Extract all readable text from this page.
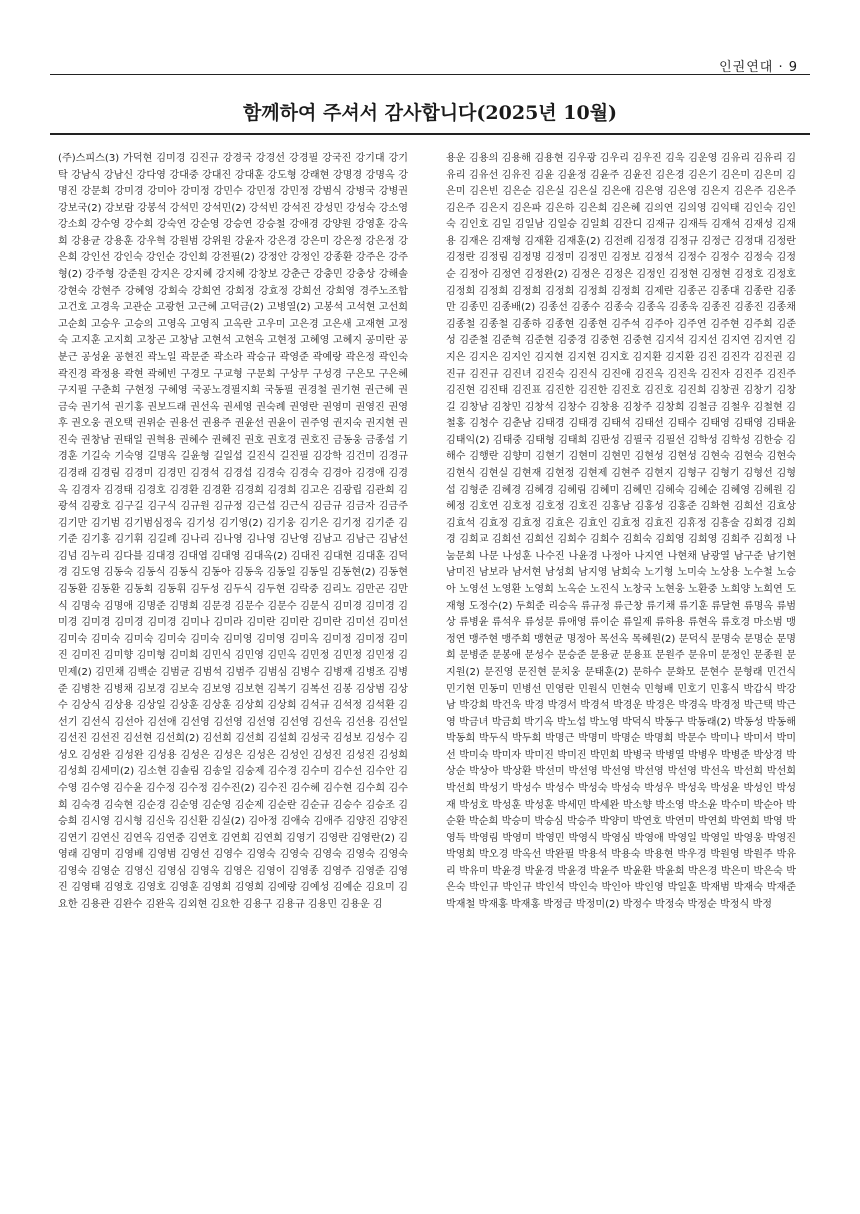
인권연대 · 9
함께하여 주셔서 감사합니다(2025년 10월)
(주)스피스(3) 가덕현 김미경 김진규 강경국 강경선 강경필 강국진 강기대 강기탁 강남식 강남신 강다영 강대중 강대진 강대훈 강도형 강래현 강명경 강명옥 강명진 강문회 강미경 강미아 강미정 강민수 강민정 강민정 강범식 강병국 강병권 강보국(2) 강보람 강봉석 강석민 강석민(2) 강석빈 강석진 강성민 강성숙 강소영 강소희 강수영 강수희 강숙연 강순영 강승연 강승철 강애경 강양원 강영훈 강옥희 강용균 강용훈 강우혁 강원범 강위원 강윤자 강은경 강은미 강은정 강은정 강은희 강인선 강인숙 강인순 강인회 강전필(2) 강정안 강정인 강종환 강주은 강주형(2) 강주형 강준원 강지은 강지혜 강지혜 강창보 강춘근 강충민 강충상 강해솔 강현숙 강현주 강혜영 강회숙 강희연 강희정 강효정 강희선 강희영 경주노조합 고건호 고경욱 고관순 고광헌 고근혜 고덕금(2) 고병열(2) 고봉석 고석현 고선희 고순희 고승우 고승의 고영옥 고영직 고옥란 고우미 고은경 고은새 고재현 고정숙 고지훈 고지희 고창곤 고창남 고현석 고현옥 고현정 고혜영 고혜지 공미란 공분근 공성윤 공현진 곽노일 곽문준 곽소라 곽승규 곽영준 곽예랑 곽은정 곽인숙 곽진경 곽정용 곽현 곽혜빈 구경모 구교형 구문회 구상무 구성경 구은모 구은혜 구지필 구춘희 구현정 구혜영 국공노경필지회 국동필 권경철 권기현 권근혜 권금숙 권기석 권기홍 권보드래 권선옥 권세영 권숙례 권영란 권영미 권영진 권영후 권오웅 권오택 권위순 권용선 권용주 권윤선 권윤이 권주영 권지숙 권지현 권진숙 권창남 권태일 권혁용 권혜수 권혜진 권호 권호경 권호진 금동웅 금종섭 기경훈 기길숙 기숙영 길명옥 길윤형 길일섭 길진식 길진필 김강학 김건미 김경규 김경래 김경림 김경미 김경민 김경석 김경섭 김경숙 김경숙 김경아 김경애 김경옥 김경자 김경태 김경호 김경환 김경환 김경희 김경희 김고은 김광립 김관희 김광석 김광호 김구길 김구식 김규원 김규정 김근섭 김근식 김금규 김금자 김금주 김기만 김기범 김기범심정옥 김기성 김기영(2) 김기웅 김기은 김기정 김기준 김기준 김기홍 김기휘 김길례 김나리 김나영 김나영 김난영 김남고 김남근 김남선 김넘 김누리 김다블 김대경 김대엽 김대영 김대옥(2) 김대진 김대현 김대훈 김덕경 김도영 김동숙 김동식 김동식 김동아 김동욱 김동일 김동일 김동현(2) 김동현 김동환 김동환 김동회 김동휘 김두성 김두식 김두현 김락중 김리노 김만곤 김만식 김명숙 김명애 김명준 김명희 김문경 김문수 김문수 김문식 김미경 김미경 김미경 김미경 김미경 김미경 김미나 김미라 김미란 김미란 김미란 김미선 김미선 김미숙 김미숙 김미숙 김미숙 김미숙 김미영 김미영 김미옥 김미정 김미정 김미진 김미진 김미향 김미형 김미희 김민식 김민영 김민옥 김민정 김민정 김민정 김민제(2) 김민채 김백순 김범균 김범석 김범주 김범심 김병수 김병재 김병조 김병준 김병찬 김병채 김보경 김보숙 김보영 김보현 김복기 김복선 김봉 김상범 김상수 김상식 김상용 김상일 김상훈 김상훈 김상희 김상희 김석규 김석정 김석환 김선기 김선식 김선아 김선애 김선영 김선영 김선영 김선영 김선옥 김선용 김선일 김선진 김선진 김선현 김선희(2) 김선희 김선희 김설희 김성국 김성보 김성수 김성오 김성완 김성완 김성용 김성은 김성은 김성은 김성인 김성진 김성진 김성희 김성희 김세미(2) 김소현 김솔림 김송일 김숭제 김수경 김수미 김수선 김수안 김수영 김수영 김수윤 김수정 김수정 김수진(2) 김수진 김수혜 김수현 김수희 김수희 김숙경 김숙현 김순경 김순영 김순영 김순제 김순란 김순규 김승수 김승조 김승희 김시영 김시형 김신욱 김신환 김실(2) 김아정 김애숙 김애주 김양진 김양진 김연기 김연신 김연옥 김연중 김연호 김연희 김연희 김영기 김영란 김영란(2) 김영래 김영미 김영배 김영범 김영선 김영수 김영숙 김영숙 김영숙 김영숙 김영숙 김영숙 김영순 김영신 김영심 김영옥 김영은 김영이 김영종 김영주 김영준 김영진 김영태 김영호 김영호 김영훈 김영희 김영희 김예랑 김예성 김예순 김요미 김요한 김용관 김완수 김완옥 김외현 김요한 김용구 김용규 김용민 김용운 김
용운 김용의 김용해 김용현 김우광 김우리 김우진 김욱 김운영 김유리 김유리 김유리 김유선 김유진 김윤 김윤정 김윤주 김윤진 김은경 김은기 김은미 김은미 김은미 김은빈 김은순 김은실 김은실 김은애 김은영 김은영 김은지 김은주 김은주 김은주 김은지 김은파 김은하 김은희 김은혜 김의연 김의영 김익태 김인숙 김인숙 김인호 김일 김일남 김일승 김일희 김잔디 김재규 김재득 김재석 김재성 김재용 김재은 김재형 김재환 김재훈(2) 김전례 김정경 김정규 김정근 김정대 김정란 김정란 김정림 김정명 김정미 김정민 김정보 김정석 김정수 김정수 김정숙 김정순 김정아 김정연 김정완(2) 김정은 김정은 김정인 김정현 김정현 김정호 김정호 김정희 김정희 김정희 김정희 김정희 김정희 김제란 김종곤 김종대 김종란 김종만 김종민 김종배(2) 김종선 김종수 김종숙 김종옥 김종욱 김종진 김종진 김종채 김종철 김종철 김종하 김종현 김종현 김주석 김주아 김주연 김주현 김주희 김준성 김준철 김준혁 김준현 김중경 김중현 김중현 김지석 김지선 김지연 김지연 김지은 김지은 김지인 김지현 김지현 김지호 김지환 김지환 김진 김진각 김진권 김진규 김진규 김진녀 김진숙 김진식 김진애 김진옥 김진욱 김진자 김진주 김진주 김진현 김진태 김진표 김진한 김진한 김진호 김진호 김진희 김창권 김창기 김창길 김창남 김창민 김창석 김창수 김창용 김창주 김창희 김철금 김철우 김철현 김철홍 김청수 김춘남 김태경 김태경 김태석 김태선 김태수 김태영 김태영 김태윤 김태익(2) 김태중 김태형 김태희 김판성 김필국 김필선 김학성 김학성 김한승 김해수 김행란 김향미 김현기 김현미 김현민 김현성 김현성 김현숙 김현숙 김현숙 김현식 김현실 김현재 김현정 김현제 김현주 김현지 김형구 김형기 김형선 김형섭 김형준 김혜경 김혜경 김혜림 김혜미 김혜민 김혜숙 김혜순 김혜영 김혜원 김혜정 김호연 김호정 김호정 김호진 김홍남 김홍성 김홍준 김화현 김희선 김효상 김효석 김효정 김효정 김효은 김효인 김효정 김효진 김휴정 김흥술 김희경 김희경 김희교 김희선 김희선 김희수 김희수 김희숙 김희영 김희영 김희주 김희정 나눔문희 나문 나성훈 나수진 나윤경 나정아 나지연 나현채 남광열 남구준 남기현 남미진 남보라 남서현 남성희 남지영 남희숙 노기형 노미숙 노상용 노수철 노승아 노영선 노영환 노영희 노옥순 노진식 노창국 노현웅 노환중 노희양 노희연 도재형 도정수(2) 두희준 리승옥 류규정 류근창 류기채 류기훈 류달현 류명옥 류범상 류병윤 류석우 류성문 류애영 류이순 류일제 류하용 류현옥 류호경 마소범 맹정연 맹주현 맹주희 맹현균 명정아 목선옥 목혜원(2) 문덕식 문명숙 문명순 문명희 문병준 문봉애 문성수 문승준 문용균 문용표 문원주 문유미 문정인 문종원 문지원(2) 문진영 문진현 문치웅 문태훈(2) 문하수 문화모 문현수 문형래 민건식 민기현 민동미 민병선 민영란 민원식 민현숙 민형배 민호기 민홍식 박갑식 박강남 박강희 박건욱 박경 박경서 박경석 박경운 박경은 박경옥 박경정 박근택 박근영 박금녀 박금희 박기옥 박노섭 박노영 박덕식 박동구 박동래(2) 박동성 박동해 박동희 박두식 박두희 박명근 박명미 박명순 박명희 박문수 박미나 박미서 박미선 박미숙 박미자 박미진 박미진 박민희 박병국 박병열 박병우 박병준 박상경 박상순 박상아 박상환 박선미 박선영 박선영 박선영 박선영 박선옥 박선희 박선희 박선희 박성기 박성수 박성수 박성숙 박성숙 박성우 박성욱 박성윤 박성인 박성재 박성호 박성훈 박성훈 박세민 박세완 박소향 박소영 박소윤 박수미 박순아 박순환 박순희 박승미 박승심 박승주 박양미 박연호 박연미 박연희 박연희 박영 박영득 박영림 박영미 박영민 박영식 박영심 박영애 박영일 박영일 박영웅 박영진 박영희 박오경 박옥선 박완필 박용석 박용숙 박용현 박우경 박원영 박원주 박유리 박유미 박윤경 박윤경 박윤경 박윤주 박윤환 박윤희 박은경 박은미 박은숙 박은숙 박인규 박인규 박인석 박인숙 박인아 박인영 박일훈 박재범 박재숙 박재준 박재철 박재홍 박재홍 박정금 박정미(2) 박정수 박정숙 박정순 박정식 박정
